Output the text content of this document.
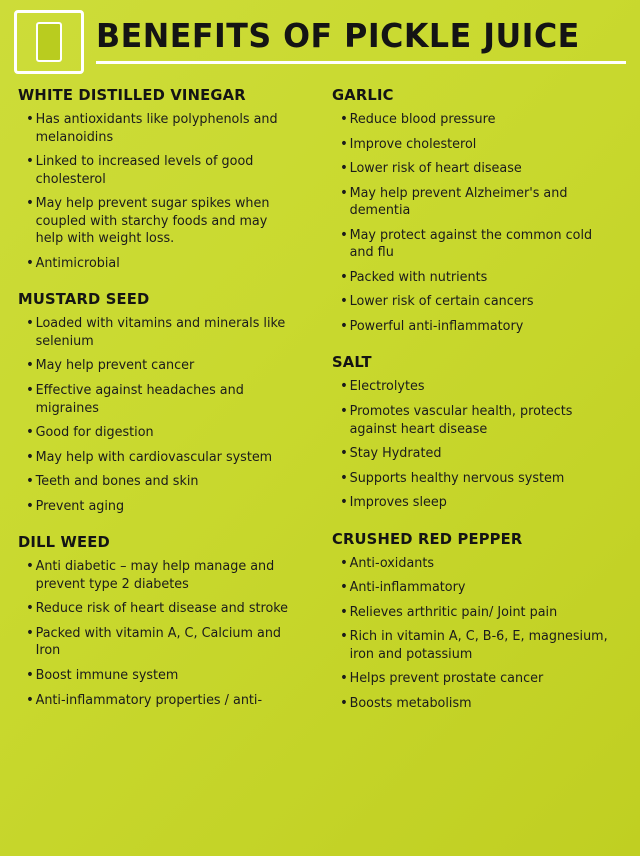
BENEFITS OF PICKLE JUICE
WHITE DISTILLED VINEGAR
• Has antioxidants like polyphenols and melanoidins
• Linked to increased levels of good cholesterol
• May help prevent sugar spikes when coupled with starchy foods and may help with weight loss.
• Antimicrobial
MUSTARD SEED
• Loaded with vitamins and minerals like selenium
• May help prevent cancer
• Effective against headaches and migraines
• Good for digestion
• May help with cardiovascular system
• Teeth and bones and skin
• Prevent aging
DILL WEED
• Anti diabetic – may help manage and prevent type 2 diabetes
• Reduce risk of heart disease and stroke
• Packed with vitamin A, C, Calcium and Iron
• Boost immune system
• Anti-inflammatory properties / anti-
GARLIC
• Reduce blood pressure
• Improve cholesterol
• Lower risk of heart disease
• May help prevent Alzheimer's and dementia
• May protect against the common cold and flu
• Packed with nutrients
• Lower risk of certain cancers
• Powerful anti-inflammatory
SALT
• Electrolytes
• Promotes vascular health, protects against heart disease
• Stay Hydrated
• Supports healthy nervous system
• Improves sleep
CRUSHED RED PEPPER
• Anti-oxidants
• Anti-inflammatory
• Relieves arthritic pain/ Joint pain
• Rich in vitamin A, C, B-6, E, magnesium, iron and potassium
• Helps prevent prostate cancer
• Boosts metabolism
